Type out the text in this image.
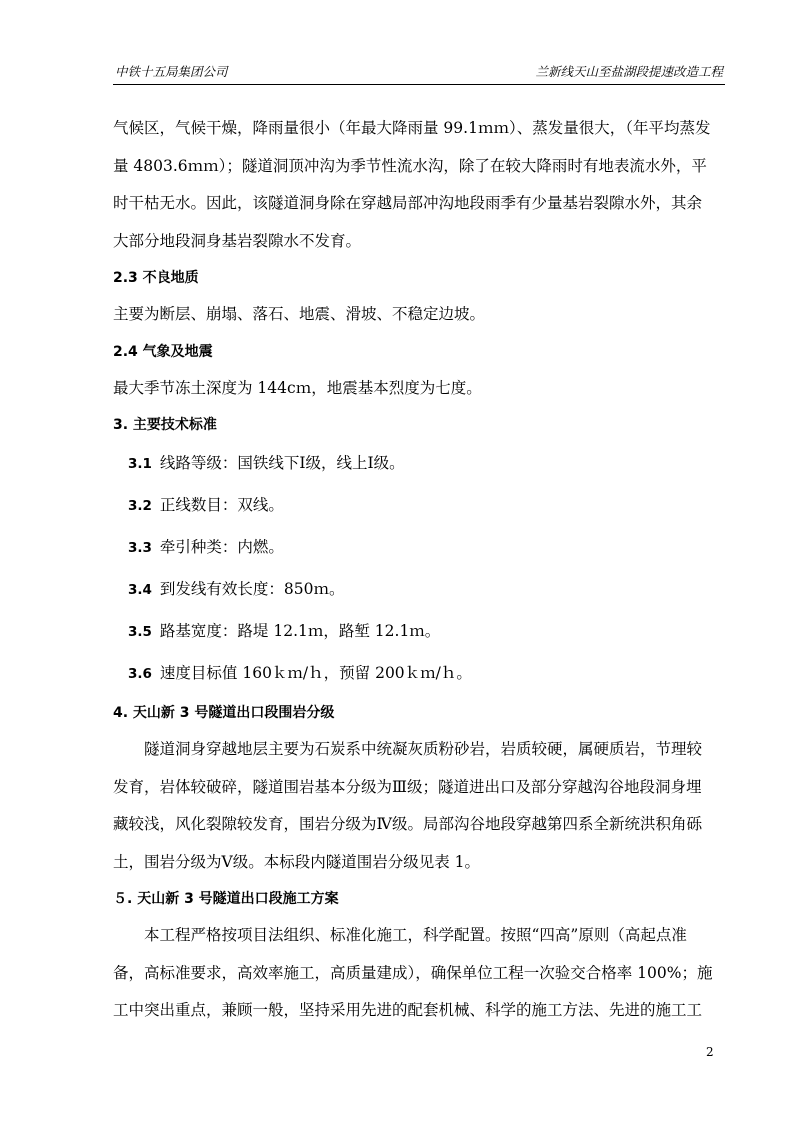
中铁十五局集团公司	兰新线天山至盐湖段提速改造工程

气候区，气候干燥，降雨量很小（年最大降雨量 99.1ｍｍ）、蒸发量很大，（年平均蒸发

量 4803.6ｍｍ）；隧道洞顶冲沟为季节性流水沟，除了在较大降雨时有地表流水外，平

时干枯无水。因此，该隧道洞身除在穿越局部冲沟地段雨季有少量基岩裂隙水外，其余

大部分地段洞身基岩裂隙水不发育。

2.3 不良地质

主要为断层、崩塌、落石、地震、滑坡、不稳定边坡。

2.4 气象及地震

最大季节冻土深度为 144cｍ，地震基本烈度为七度。

3. 主要技术标准

3.1 线路等级：国铁线下Ⅰ级，线上Ⅰ级。

3.2 正线数目：双线。

3.3 牵引种类：内燃。

3.4 到发线有效长度：850ｍ。

3.5 路基宽度：路堤 12.1ｍ，路堑 12.1ｍ。

3.6 速度目标值 160ｋｍ/ｈ，预留 200ｋｍ/ｈ。

4. 天山新 3 号隧道出口段围岩分级

隧道洞身穿越地层主要为石炭系中统凝灰质粉砂岩，岩质较硬，属硬质岩，节理较

发育，岩体较破碎，隧道围岩基本分级为Ⅲ级；隧道进出口及部分穿越沟谷地段洞身埋

藏较浅，风化裂隙较发育，围岩分级为Ⅳ级。局部沟谷地段穿越第四系全新统洪积角砾

土，围岩分级为Ⅴ级。本标段内隧道围岩分级见表 1。

５. 天山新 3 号隧道出口段施工方案

本工程严格按项目法组织、标准化施工，科学配置。按照“四高”原则（高起点准

备，高标准要求，高效率施工，高质量建成），确保单位工程一次验交合格率 100%；施

工中突出重点，兼顾一般，坚持采用先进的配套机械、科学的施工方法、先进的施工工

2
